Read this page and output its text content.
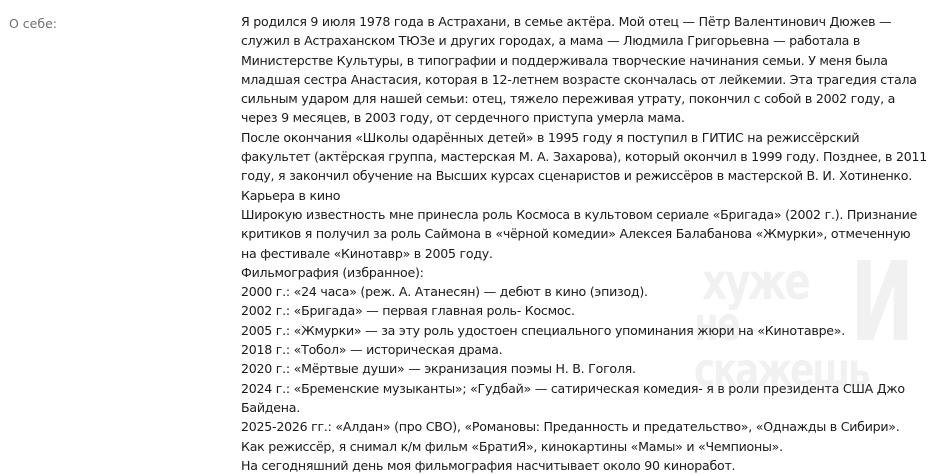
О себе:
хуже
не скажешь
И

Я родился 9 июля 1978 года в Астрахани, в семье актёра. Мой отец — Пётр Валентинович Дюжев — служил в Астраханском ТЮЗе и других городах, а мама — Людмила Григорьевна — работала в Министерстве Культуры, в типографии и поддерживала творческие начинания семьи. У меня была младшая сестра Анастасия, которая в 12-летнем возрасте скончалась от лейкемии. Эта трагедия стала сильным ударом для нашей семьи: отец, тяжело переживая утрату, покончил с собой в 2002 году, а через 9 месяцев, в 2003 году, от сердечного приступа умерла мама.

После окончания «Школы одарённых детей» в 1995 году я поступил в ГИТИС на режиссёрский факультет (актёрская группа, мастерская М. А. Захарова), который окончил в 1999 году. Позднее, в 2011 году, я закончил обучение на Высших курсах сценаристов и режиссёров в мастерской В. И. Хотиненко.

Карьера в кино

Широкую известность мне принесла роль Космоса в культовом сериале «Бригада» (2002 г.). Признание критиков я получил за роль Саймона в «чёрной комедии» Алексея Балабанова «Жмурки», отмеченную на фестивале «Кинотавр» в 2005 году.

Фильмография (избранное):

2000 г.: «24 часа» (реж. А. Атанесян) — дебют в кино (эпизод).

2002 г.: «Бригада» — первая главная роль- Космос.

2005 г.: «Жмурки» — за эту роль удостоен специального упоминания жюри на «Кинотавре».

2018 г.: «Тобол» — историческая драма.

2020 г.: «Мёртвые души» — экранизация поэмы Н. В. Гоголя.

2024 г.: «Бременские музыканты»; «Гудбай» — сатирическая комедия- я в роли президента США Джо Байдена.

2025-2026 гг.: «Алдан» (про СВО), «Романовы: Преданность и предательство», «Однажды в Сибири».

Как режиссёр, я снимал к/м фильм «БратиЯ», кинокартины «Мамы» и «Чемпионы».

На сегодняшний день моя фильмография насчитывает около 90 киноработ.
